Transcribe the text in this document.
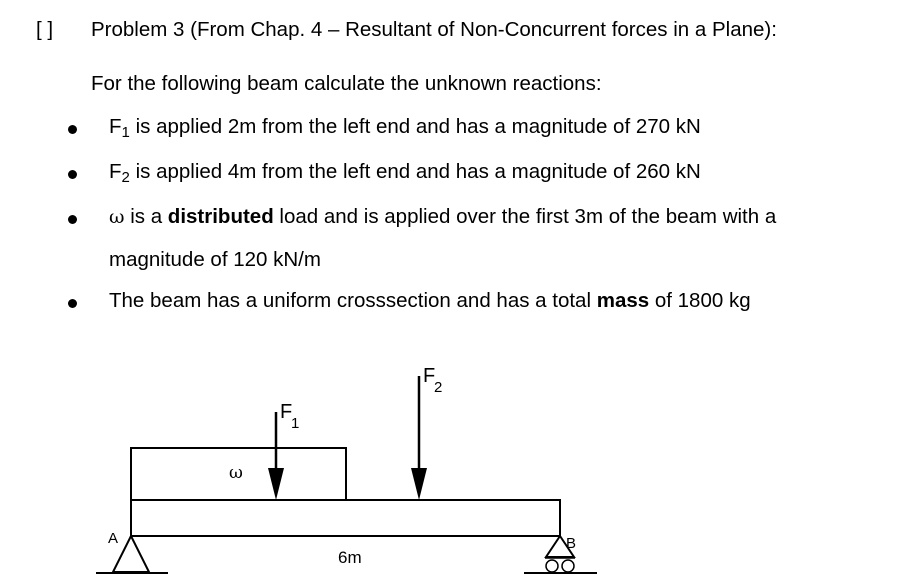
[ ] Problem 3 (From Chap. 4 – Resultant of Non-Concurrent forces in a Plane):
For the following beam calculate the unknown reactions:
F1 is applied 2m from the left end and has a magnitude of 270 kN
F2 is applied 4m from the left end and has a magnitude of 260 kN
ω is a distributed load and is applied over the first 3m of the beam with a
magnitude of 120 kN/m
The beam has a uniform crosssection and has a total mass of 1800 kg
F
1
F
2
ω
A	B
6m
